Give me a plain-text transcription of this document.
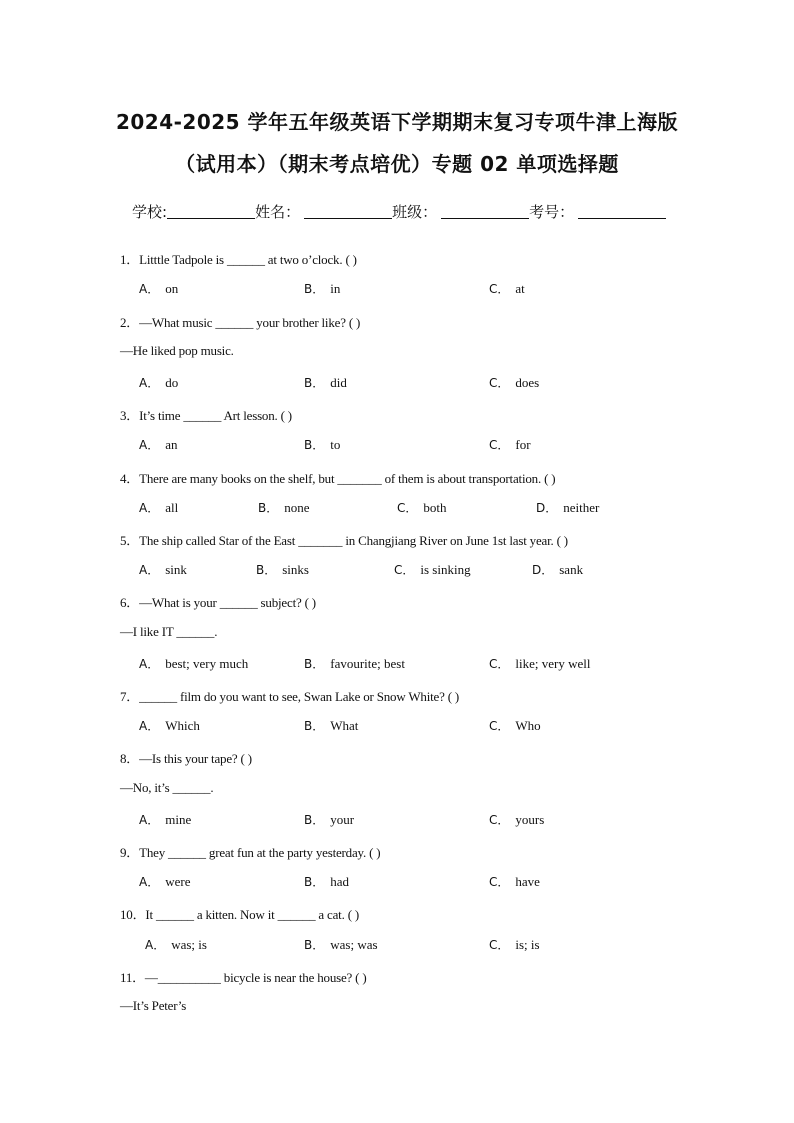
2024-2025 学年五年级英语下学期期末复习专项牛津上海版
（试用本）（期末考点培优）专题 02 单项选择题
学校:	姓名：	班级：	考号：
1．Litttle Tadpole is ______ at two o’clock. ( )
A． on	B． in	C． at
2．—What music ______ your brother like? ( )
—He liked pop music.
A． do	B． did	C． does
3．It’s time ______ Art lesson. ( )
A． an	B． to	C． for
4．There are many books on the shelf, but _______ of them is about transportation. ( )
A． all	B． none	C． both	D． neither
5．The ship called Star of the East _______ in Changjiang River on June 1st last year. ( )
A． sink	B． sinks	C． is sinking	D． sank
6．—What is your ______ subject? ( )
—I like IT ______.
A． best; very much	B． favourite; best	C． like; very well
7．______ film do you want to see, Swan Lake or Snow White? ( )
A． Which	B． What	C． Who
8．—Is this your tape? ( )
—No, it’s ______.
A． mine	B． your	C． yours
9．They ______ great fun at the party yesterday. ( )
A． were	B． had	C． have
10．It ______ a kitten. Now it ______ a cat. ( )
A． was; is	B． was; was	C． is; is
11．—__________ bicycle is near the house? ( )
—It’s Peter’s
